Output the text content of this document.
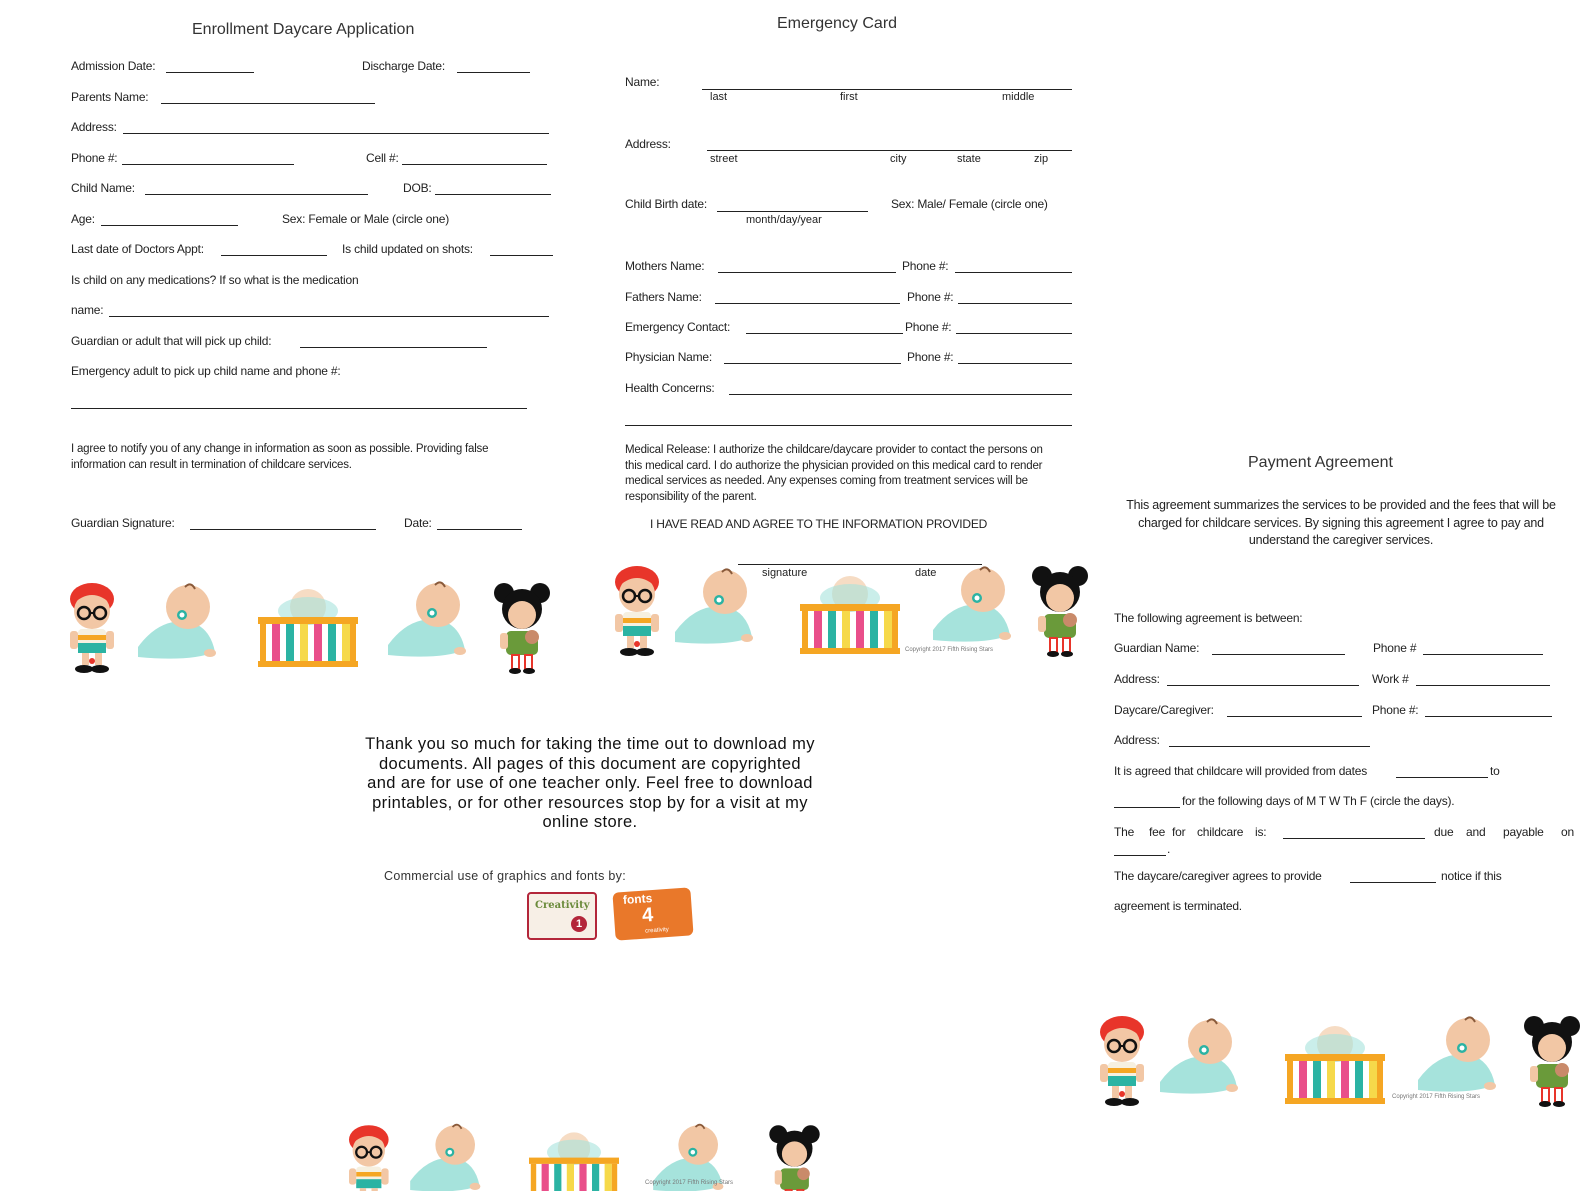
Enrollment Daycare Application
Admission Date:	Discharge Date:
Parents Name:
Address:
Phone #:	Cell #:
Child Name:	DOB:
Age:	Sex: Female or Male (circle one)
Last date of Doctors Appt:	Is child updated on shots:
Is child on any medications? If so what is the medication
name:
Guardian or adult that will pick up child:
Emergency adult to pick up child name and phone #:
I agree to notify you of any change in information as soon as possible. Providing false information can result in termination of childcare services.
Guardian Signature:	Date:
Emergency Card
Name:
last	first	middle
Address:
street	city	state	zip
Child Birth date:
month/day/year
Sex: Male/ Female (circle one)
Mothers Name:	Phone #:
Fathers Name:	Phone #:
Emergency Contact:	Phone #:
Physician Name:	Phone #:
Health Concerns:
Medical Release: I authorize the childcare/daycare provider to contact the persons on this medical card. I do authorize the physician provided on this medical card to render medical services as needed. Any expenses coming from treatment services will be responsibility of the parent.
I HAVE READ AND AGREE TO THE INFORMATION PROVIDED
signature	date
Copyright 2017 Fifth Rising Stars
Payment Agreement
This agreement summarizes the services to be provided and the fees that will be charged for childcare services. By signing this agreement I agree to pay and understand the caregiver services.
The following agreement is between:
Guardian Name:	Phone #
Address:	Work #
Daycare/Caregiver:	Phone #:
Address:
It is agreed that childcare will provided from dates	to
for the following days of M T W Th F (circle the days).
The fee for childcare is:	due and payable on
.
The daycare/caregiver agrees to provide	notice if this
agreement is terminated.
Copyright 2017 Fifth Rising Stars
Thank you so much for taking the time out to download my documents. All pages of this document are copyrighted and are for use of one teacher only. Feel free to download printables, or for other resources stop by for a visit at my online store.
Commercial use of graphics and fonts by:
Creativity
1
fonts
4
creativity
Copyright 2017 Fifth Rising Stars
